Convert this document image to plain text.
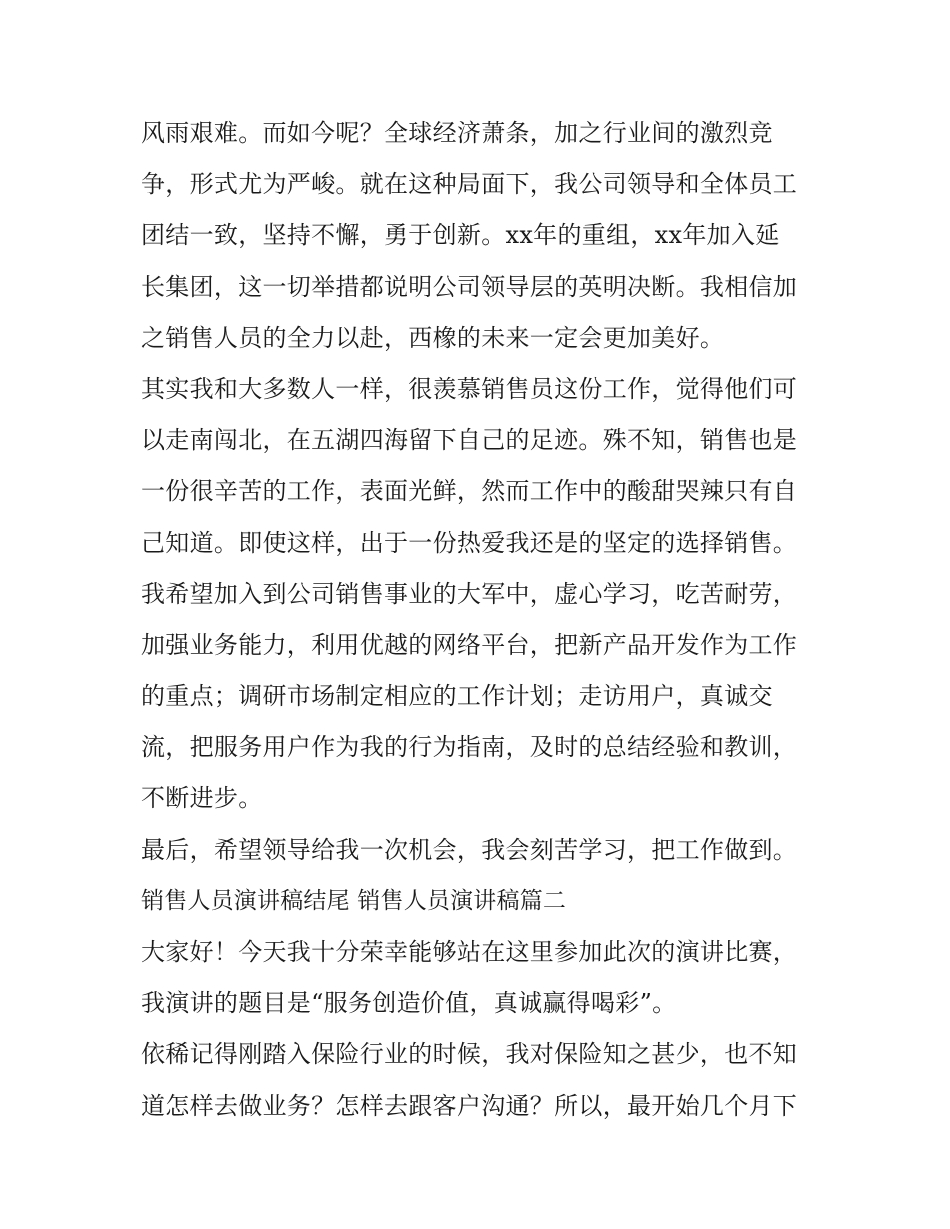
风雨艰难。而如今呢？全球经济萧条，加之行业间的激烈竞
争，形式尤为严峻。就在这种局面下，我公司领导和全体员工
团结一致，坚持不懈，勇于创新。xx年的重组，xx年加入延
长集团，这一切举措都说明公司领导层的英明决断。我相信加
之销售人员的全力以赴，西橡的未来一定会更加美好。
其实我和大多数人一样，很羡慕销售员这份工作，觉得他们可
以走南闯北，在五湖四海留下自己的足迹。殊不知，销售也是
一份很辛苦的工作，表面光鲜，然而工作中的酸甜哭辣只有自
己知道。即使这样，出于一份热爱我还是的坚定的选择销售。
我希望加入到公司销售事业的大军中，虚心学习，吃苦耐劳，
加强业务能力，利用优越的网络平台，把新产品开发作为工作
的重点；调研市场制定相应的工作计划；走访用户，真诚交
流，把服务用户作为我的行为指南，及时的总结经验和教训，
不断进步。
最后，希望领导给我一次机会，我会刻苦学习，把工作做到。
销售人员演讲稿结尾 销售人员演讲稿篇二
大家好！今天我十分荣幸能够站在这里参加此次的演讲比赛，
我演讲的题目是“服务创造价值，真诚赢得喝彩”。
依稀记得刚踏入保险行业的时候，我对保险知之甚少，也不知
道怎样去做业务？怎样去跟客户沟通？所以，最开始几个月下
